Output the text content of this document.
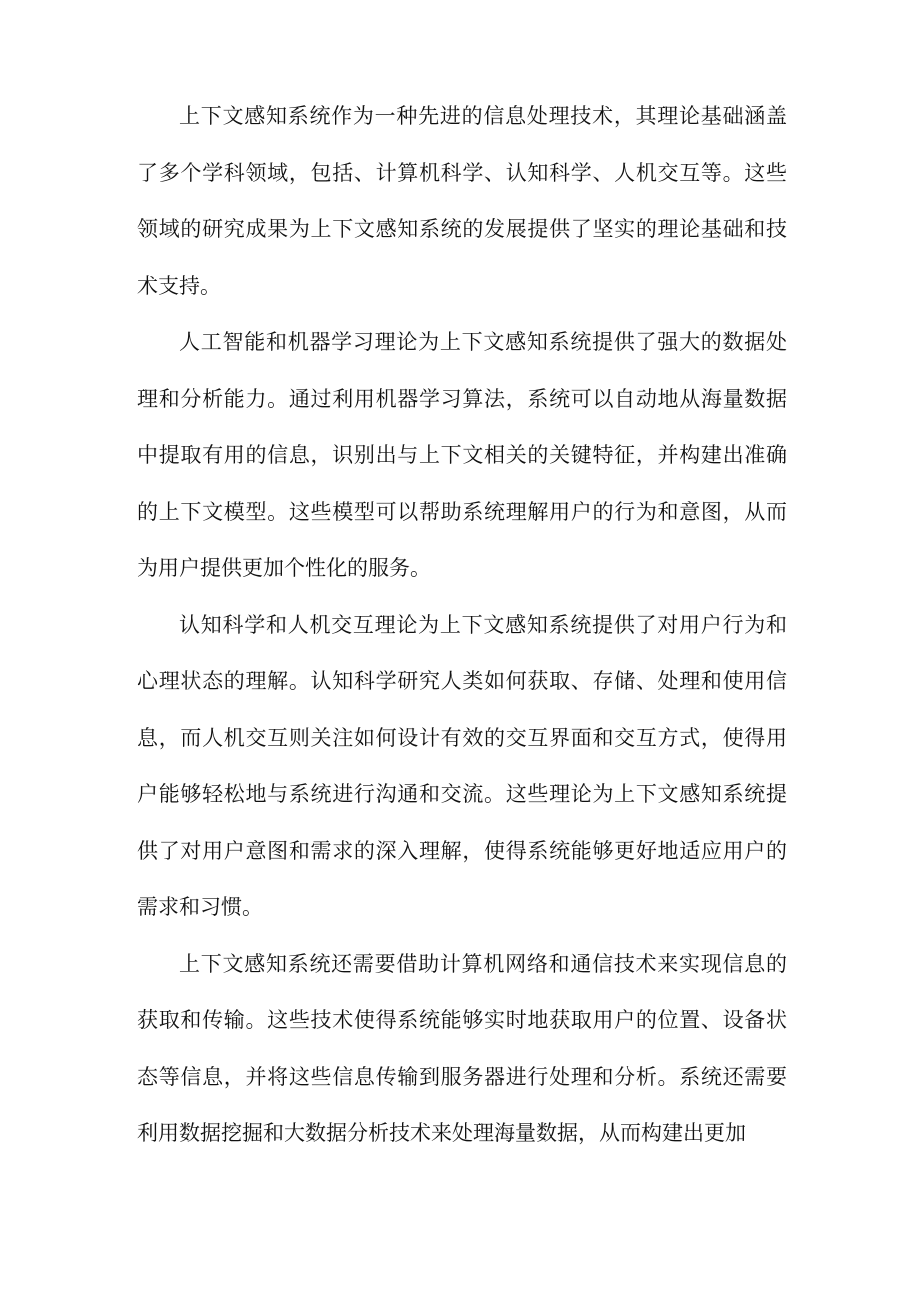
上下文感知系统作为一种先进的信息处理技术，其理论基础涵盖了多个学科领域，包括、计算机科学、认知科学、人机交互等。这些领域的研究成果为上下文感知系统的发展提供了坚实的理论基础和技术支持。

人工智能和机器学习理论为上下文感知系统提供了强大的数据处理和分析能力。通过利用机器学习算法，系统可以自动地从海量数据中提取有用的信息，识别出与上下文相关的关键特征，并构建出准确的上下文模型。这些模型可以帮助系统理解用户的行为和意图，从而为用户提供更加个性化的服务。

认知科学和人机交互理论为上下文感知系统提供了对用户行为和心理状态的理解。认知科学研究人类如何获取、存储、处理和使用信息，而人机交互则关注如何设计有效的交互界面和交互方式，使得用户能够轻松地与系统进行沟通和交流。这些理论为上下文感知系统提供了对用户意图和需求的深入理解，使得系统能够更好地适应用户的需求和习惯。

上下文感知系统还需要借助计算机网络和通信技术来实现信息的获取和传输。这些技术使得系统能够实时地获取用户的位置、设备状态等信息，并将这些信息传输到服务器进行处理和分析。系统还需要利用数据挖掘和大数据分析技术来处理海量数据，从而构建出更加
